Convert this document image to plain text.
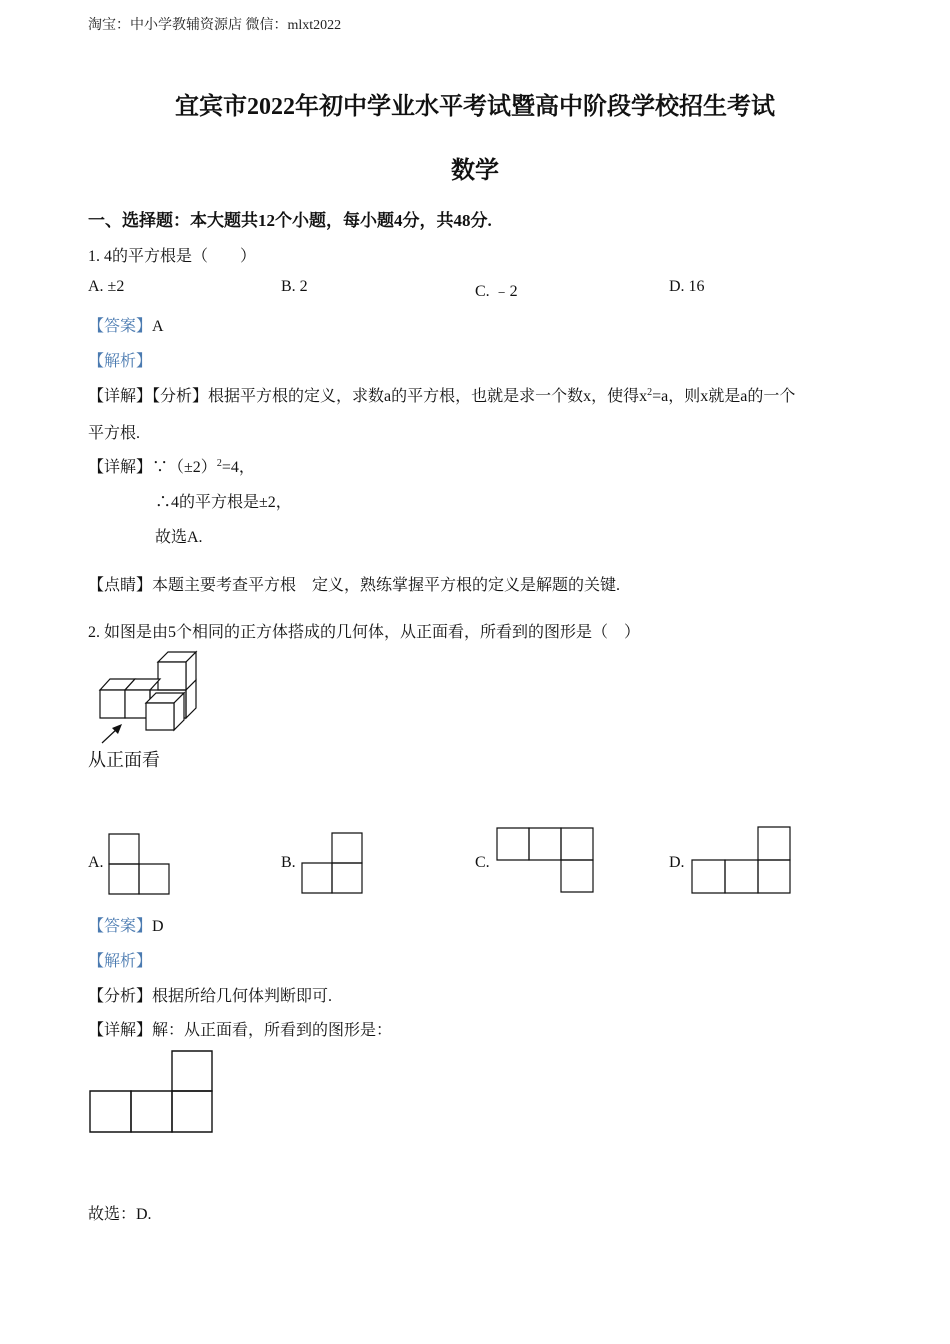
淘宝：中小学教辅资源店 微信：mlxt2022
宜宾市2022年初中学业水平考试暨高中阶段学校招生考试
数学
一、选择题：本大题共12个小题，每小题4分，共48分.
1. 4的平方根是（　　）
A. ±2	B. 2	C. ﹣2	D. 16
【答案】A
【解析】
【详解】【分析】根据平方根的定义，求数a的平方根，也就是求一个数x，使得$x^2=a$，则x就是a的一个
平方根.
【详解】$\because(\pm 2)^2=4$，
∴4的平方根是±2，
故选A.
【点睛】本题主要考查平方根　定义，熟练掌握平方根的定义是解题的关键.
2. 如图是由5个相同的正方体搭成的几何体，从正面看，所看到的图形是（　）
从正面看
A.	B.	C.	D.
【答案】D
【解析】
【分析】根据所给几何体判断即可.
【详解】解：从正面看，所看到的图形是：
故选：D.
